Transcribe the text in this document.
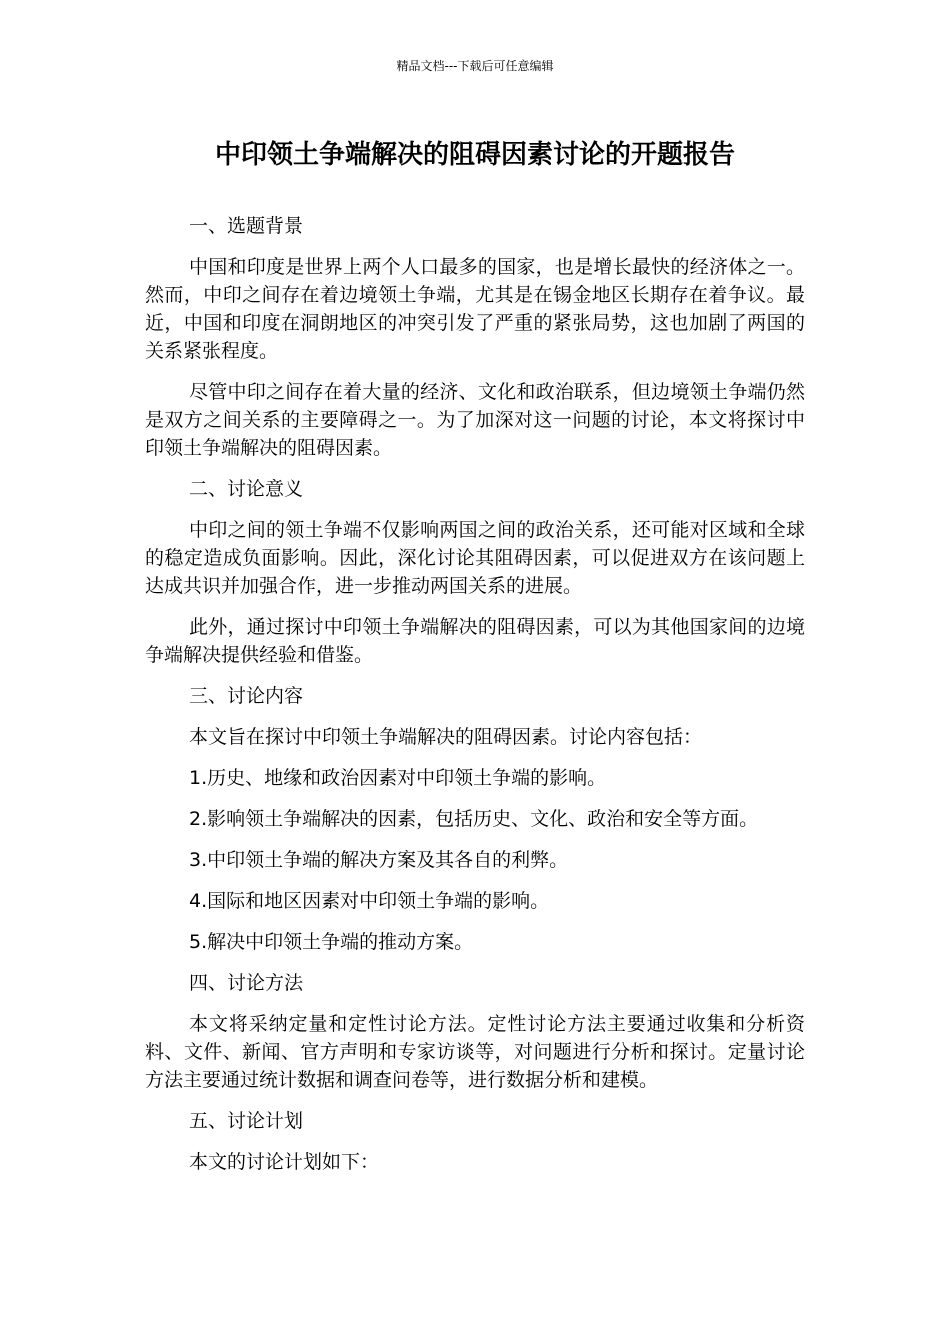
精品文档---下载后可任意编辑
中印领土争端解决的阻碍因素讨论的开题报告

一、选题背景

中国和印度是世界上两个人口最多的国家，也是增长最快的经济体之一。然而，中印之间存在着边境领土争端，尤其是在锡金地区长期存在着争议。最近，中国和印度在洞朗地区的冲突引发了严重的紧张局势，这也加剧了两国的关系紧张程度。

尽管中印之间存在着大量的经济、文化和政治联系，但边境领土争端仍然是双方之间关系的主要障碍之一。为了加深对这一问题的讨论，本文将探讨中印领土争端解决的阻碍因素。

二、讨论意义

中印之间的领土争端不仅影响两国之间的政治关系，还可能对区域和全球的稳定造成负面影响。因此，深化讨论其阻碍因素，可以促进双方在该问题上达成共识并加强合作，进一步推动两国关系的进展。

此外，通过探讨中印领土争端解决的阻碍因素，可以为其他国家间的边境争端解决提供经验和借鉴。

三、讨论内容

本文旨在探讨中印领土争端解决的阻碍因素。讨论内容包括：

1.历史、地缘和政治因素对中印领土争端的影响。

2.影响领土争端解决的因素，包括历史、文化、政治和安全等方面。

3.中印领土争端的解决方案及其各自的利弊。

4.国际和地区因素对中印领土争端的影响。

5.解决中印领土争端的推动方案。

四、讨论方法

本文将采纳定量和定性讨论方法。定性讨论方法主要通过收集和分析资料、文件、新闻、官方声明和专家访谈等，对问题进行分析和探讨。定量讨论方法主要通过统计数据和调查问卷等，进行数据分析和建模。

五、讨论计划

本文的讨论计划如下：
